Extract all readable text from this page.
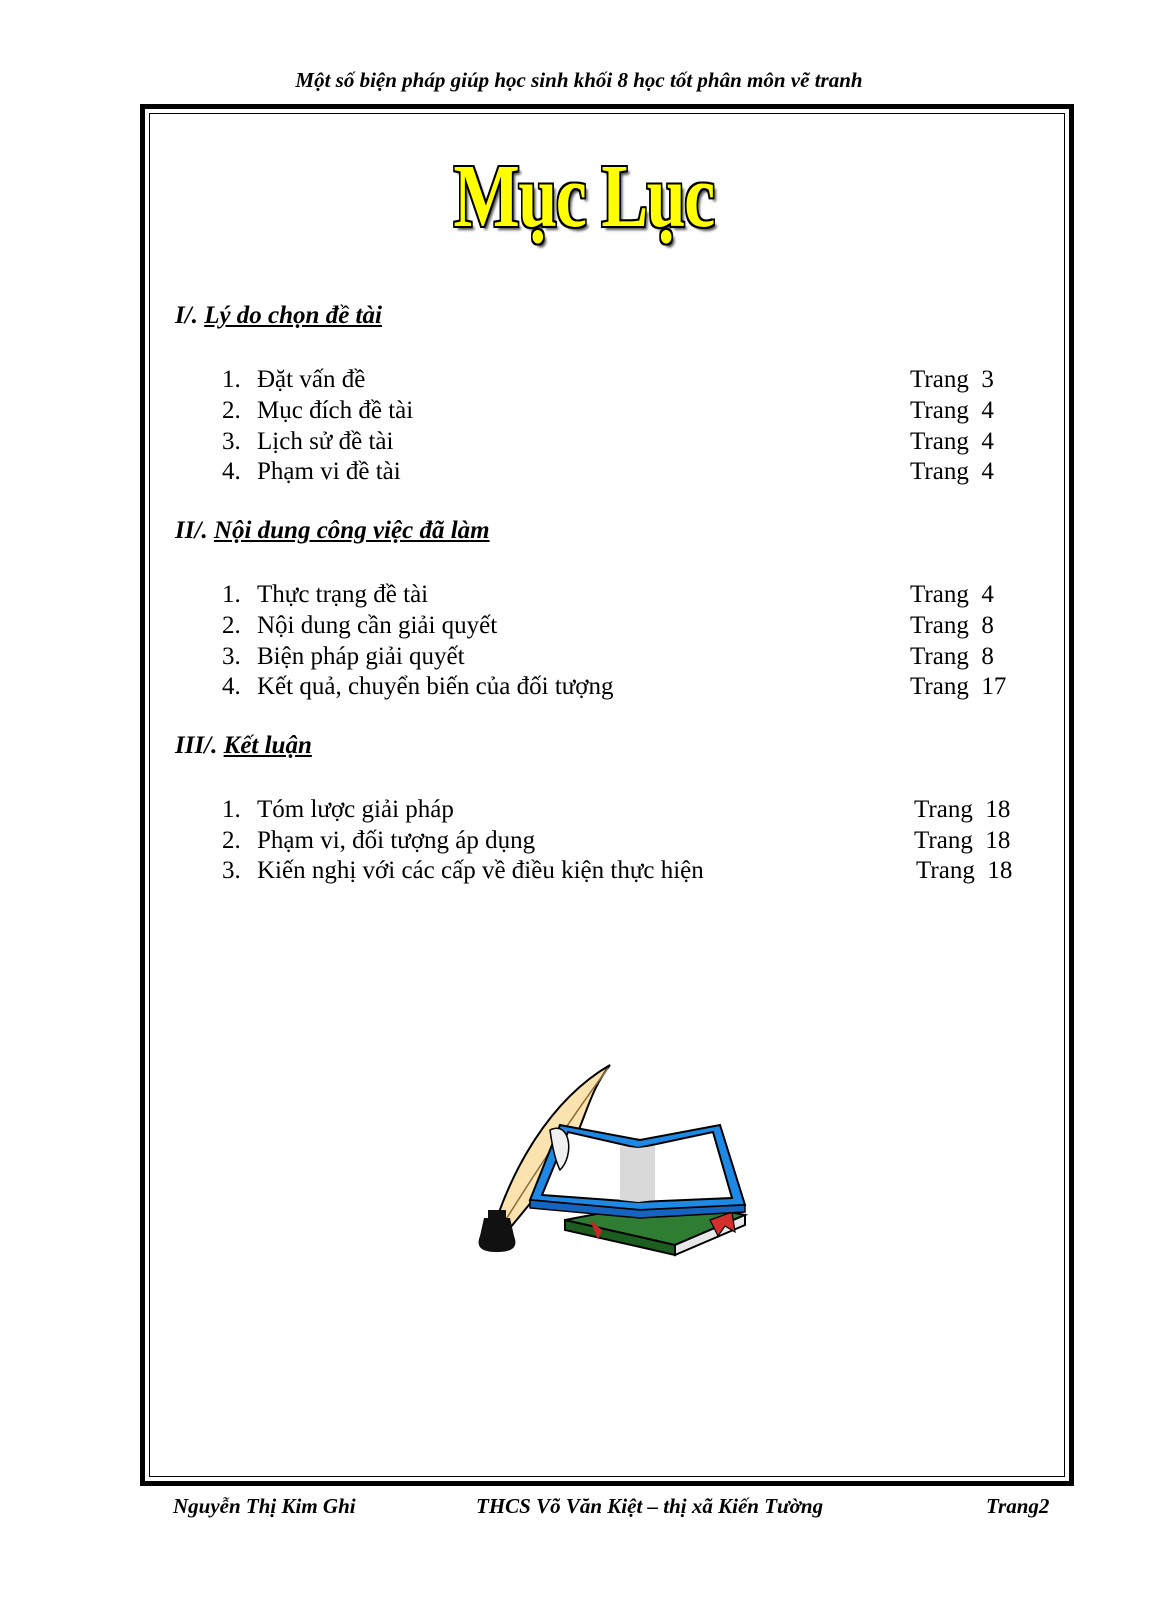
Một số biện pháp giúp học sinh khối 8 học tốt phân môn vẽ tranh
Mục Lục
I/. Lý do chọn đề tài
1. Đặt vấn đề	Trang  3
2. Mục đích đề tài	Trang  4
3. Lịch sử đề tài	Trang  4
4. Phạm vi đề tài	Trang  4
II/. Nội dung công việc đã làm
1. Thực trạng đề tài	Trang  4
2. Nội dung cần giải quyết	Trang  8
3. Biện pháp giải quyết	Trang  8
4. Kết quả, chuyển biến của đối tượng	Trang  17
III/. Kết luận
1. Tóm lược giải pháp	Trang  18
2. Phạm vi, đối tượng áp dụng	Trang  18
3. Kiến nghị với các cấp về điều kiện thực hiện	Trang  18
Nguyễn Thị Kim Ghi	THCS Võ Văn Kiệt – thị xã Kiến Tường	Trang2
